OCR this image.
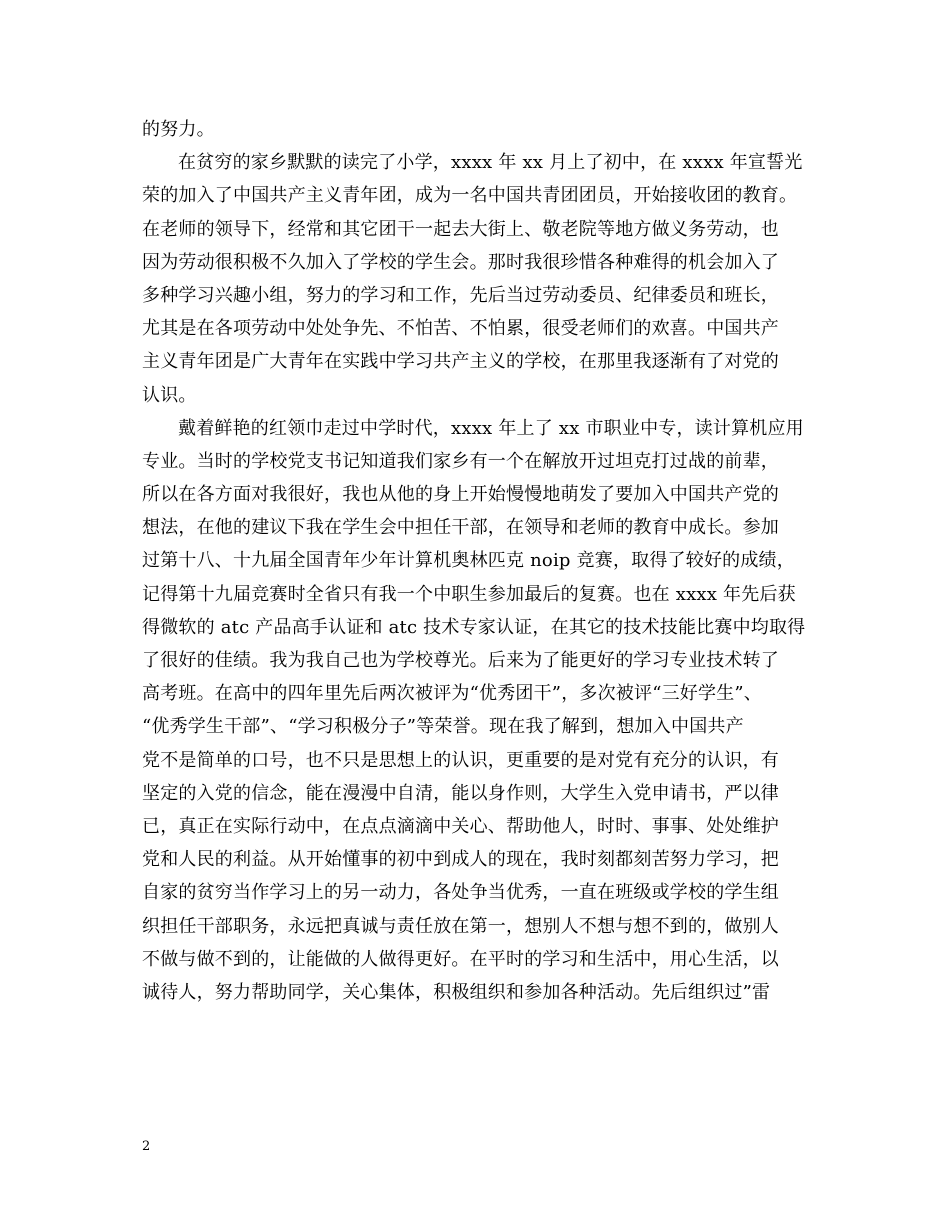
的努力。
在贫穷的家乡默默的读完了小学，xxxx 年 xx 月上了初中，在 xxxx 年宣誓光
荣的加入了中国共产主义青年团，成为一名中国共青团团员，开始接收团的教育。
在老师的领导下，经常和其它团干一起去大街上、敬老院等地方做义务劳动，也
因为劳动很积极不久加入了学校的学生会。那时我很珍惜各种难得的机会加入了
多种学习兴趣小组，努力的学习和工作，先后当过劳动委员、纪律委员和班长，
尤其是在各项劳动中处处争先、不怕苦、不怕累，很受老师们的欢喜。中国共产
主义青年团是广大青年在实践中学习共产主义的学校，在那里我逐渐有了对党的
认识。
戴着鲜艳的红领巾走过中学时代，xxxx 年上了 xx 市职业中专，读计算机应用
专业。当时的学校党支书记知道我们家乡有一个在解放开过坦克打过战的前辈，
所以在各方面对我很好，我也从他的身上开始慢慢地萌发了要加入中国共产党的
想法，在他的建议下我在学生会中担任干部，在领导和老师的教育中成长。参加
过第十八、十九届全国青年少年计算机奥林匹克 noip 竞赛，取得了较好的成绩，
记得第十九届竞赛时全省只有我一个中职生参加最后的复赛。也在 xxxx 年先后获
得微软的 atc 产品高手认证和 atc 技术专家认证，在其它的技术技能比赛中均取得
了很好的佳绩。我为我自己也为学校尊光。后来为了能更好的学习专业技术转了
高考班。在高中的四年里先后两次被评为“优秀团干”，多次被评“三好学生”、
“优秀学生干部”、“学习积极分子”等荣誉。现在我了解到，想加入中国共产
党不是简单的口号，也不只是思想上的认识，更重要的是对党有充分的认识，有
坚定的入党的信念，能在漫漫中自清，能以身作则，大学生入党申请书，严以律
已，真正在实际行动中，在点点滴滴中关心、帮助他人，时时、事事、处处维护
党和人民的利益。从开始懂事的初中到成人的现在，我时刻都刻苦努力学习，把
自家的贫穷当作学习上的另一动力，各处争当优秀，一直在班级或学校的学生组
织担任干部职务，永远把真诚与责任放在第一，想别人不想与想不到的，做别人
不做与做不到的，让能做的人做得更好。在平时的学习和生活中，用心生活，以
诚待人，努力帮助同学，关心集体，积极组织和参加各种活动。先后组织过”雷
2
